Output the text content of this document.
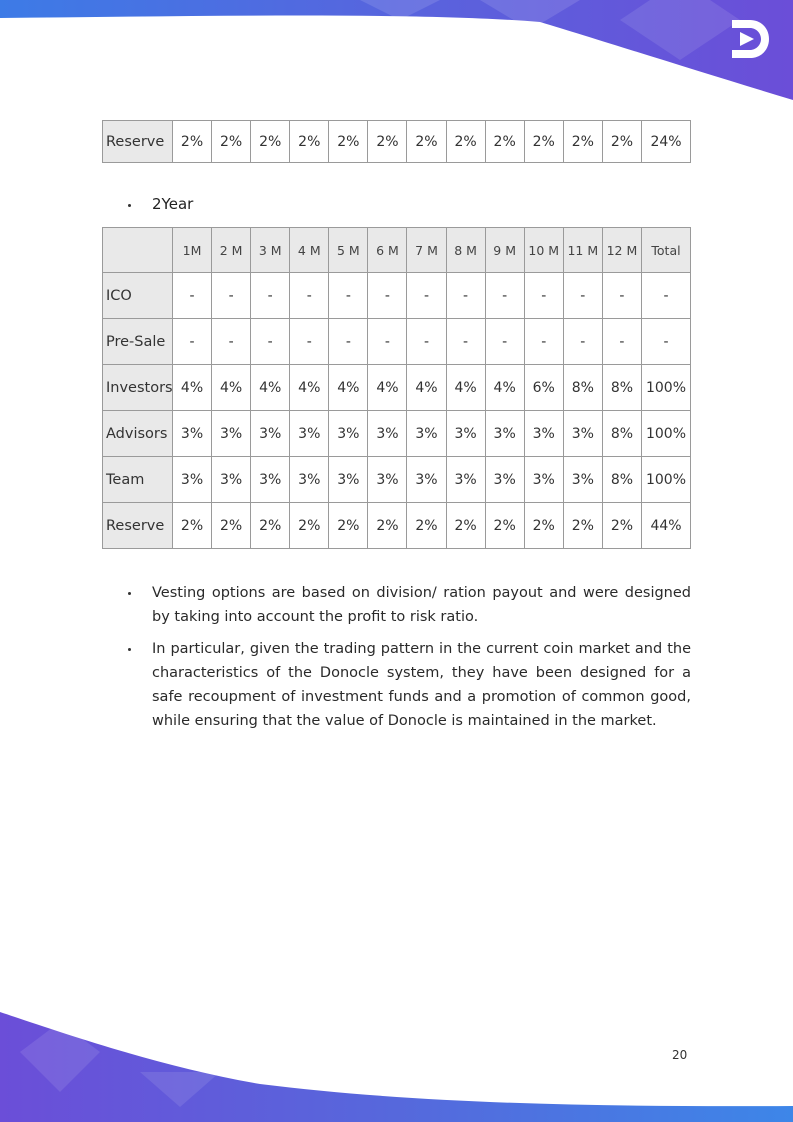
Reserve	2%	2%	2%	2%	2%	2%	2%	2%	2%	2%	2%	2%	24%
2Year
	1M	2 M	3 M	4 M	5 M	6 M	7 M	8 M	9 M	10 M	11 M	12 M	Total
ICO	-	-	-	-	-	-	-	-	-	-	-	-	-
Pre-Sale	-	-	-	-	-	-	-	-	-	-	-	-	-
Investors	4%	4%	4%	4%	4%	4%	4%	4%	4%	6%	8%	8%	100%
Advisors	3%	3%	3%	3%	3%	3%	3%	3%	3%	3%	3%	8%	100%
Team	3%	3%	3%	3%	3%	3%	3%	3%	3%	3%	3%	8%	100%
Reserve	2%	2%	2%	2%	2%	2%	2%	2%	2%	2%	2%	2%	44%
Vesting options are based on division/ ration payout and were designed by taking into account the profit to risk ratio.
In particular, given the trading pattern in the current coin market and the characteristics of the Donocle system, they have been designed for a safe recoupment of investment funds and a promotion of common good, while ensuring that the value of Donocle is maintained in the market.
20
